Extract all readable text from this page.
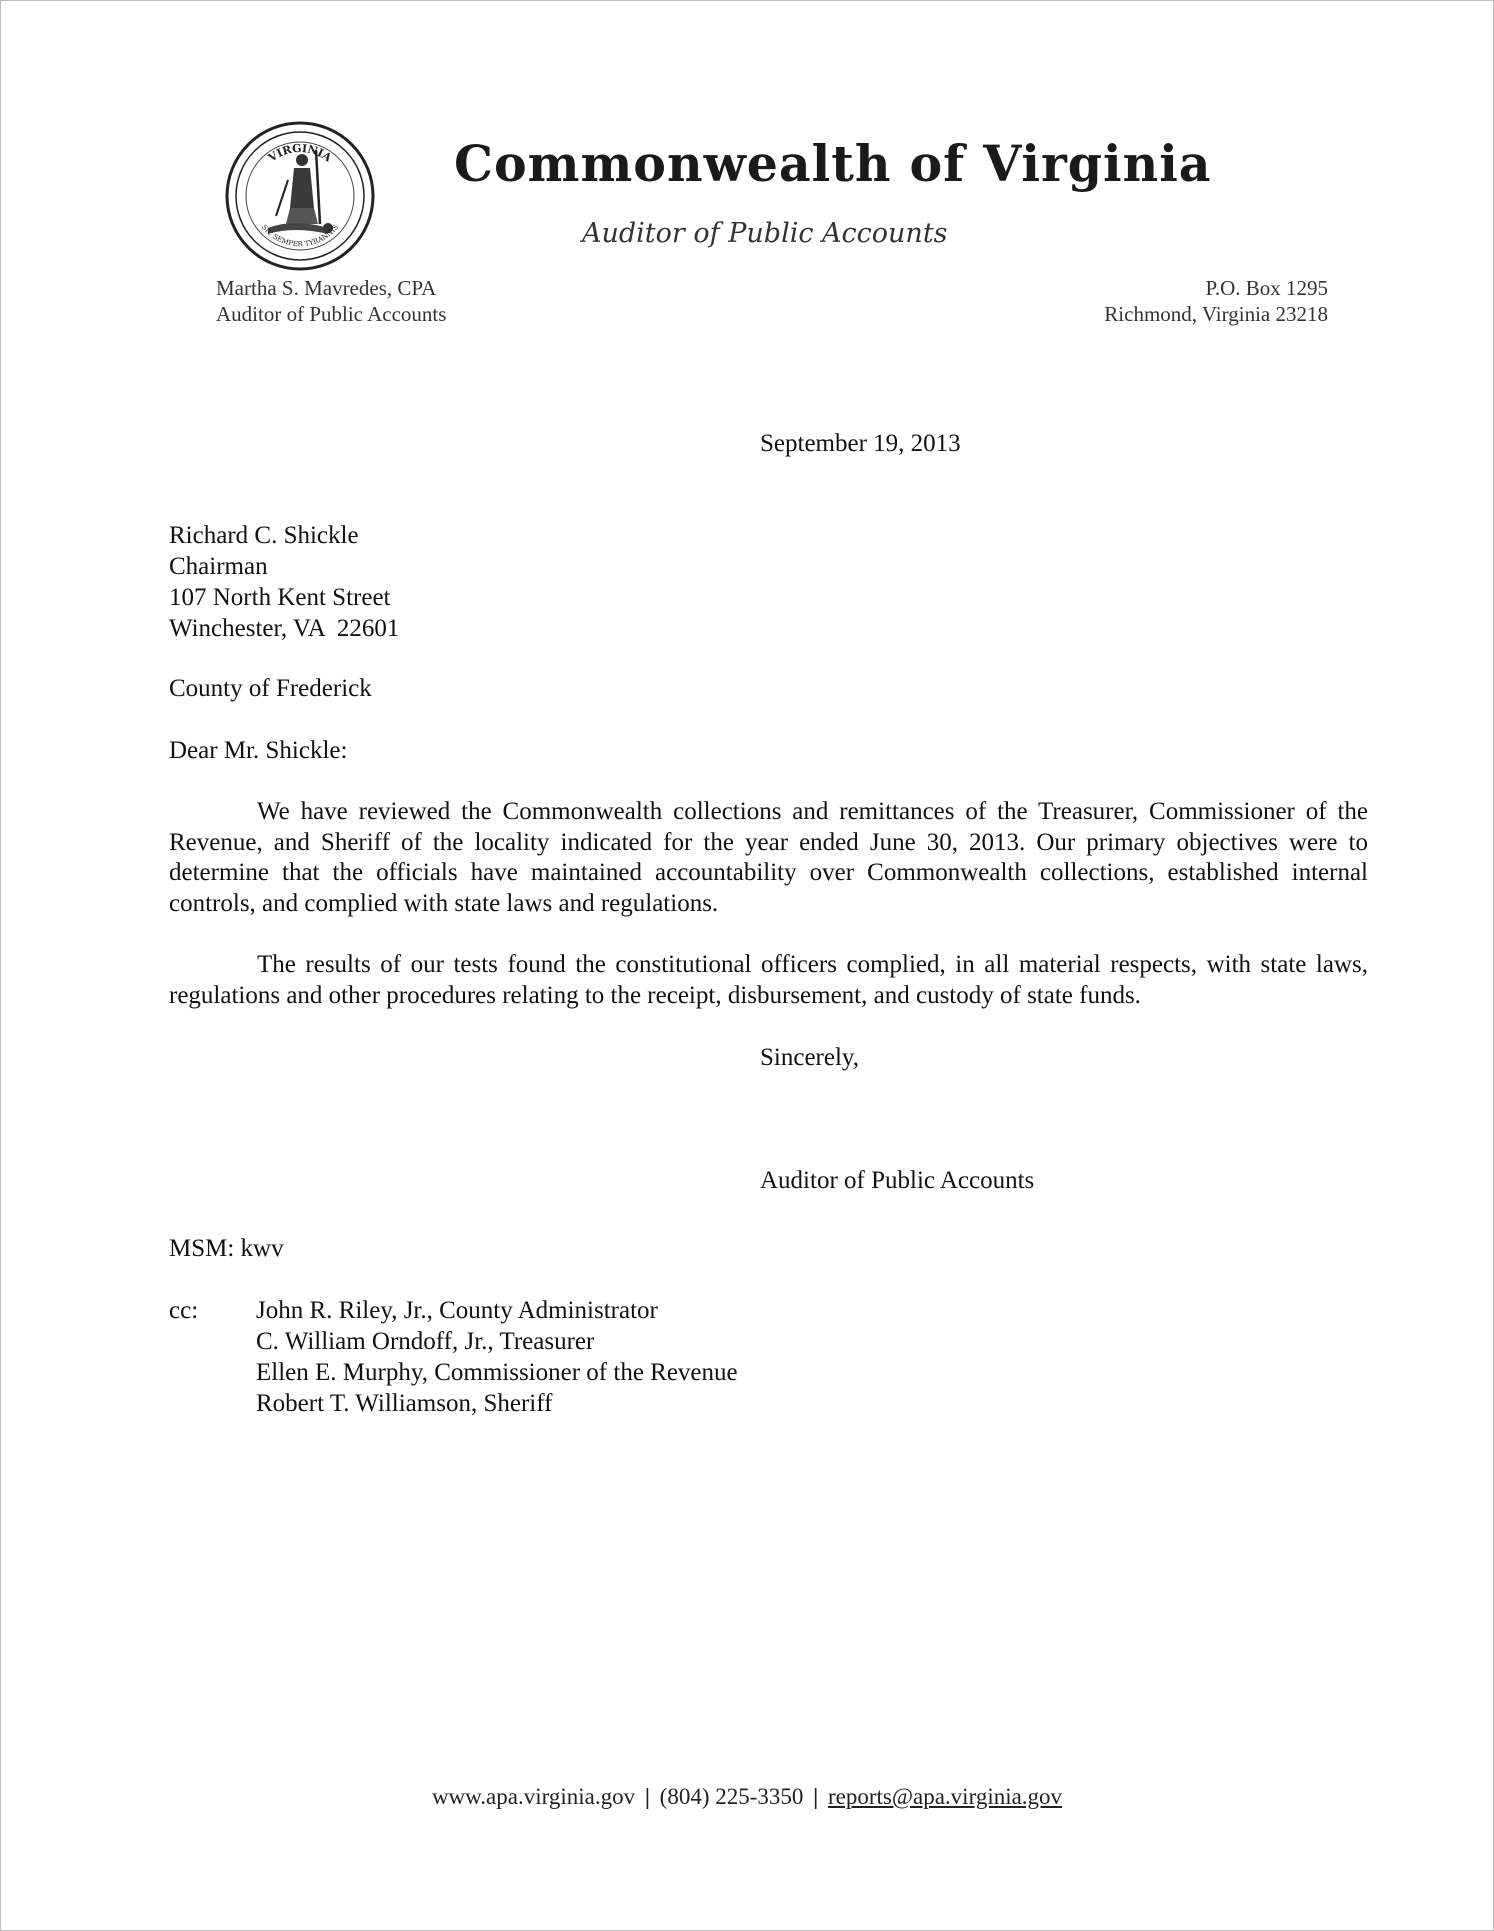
VIRGINIA
SIC SEMPER TYRANNIS
Commonwealth of Virginia
Auditor of Public Accounts
Martha S. Mavredes, CPA
Auditor of Public Accounts
P.O. Box 1295
Richmond, Virginia 23218
September 19, 2013
Richard C. Shickle
Chairman
107 North Kent Street
Winchester, VA  22601
County of Frederick
Dear Mr. Shickle:
We have reviewed the Commonwealth collections and remittances of the Treasurer, Commissioner of the Revenue, and Sheriff of the locality indicated for the year ended June 30, 2013. Our primary objectives were to determine that the officials have maintained accountability over Commonwealth collections, established internal controls, and complied with state laws and regulations.
The results of our tests found the constitutional officers complied, in all material respects, with state laws, regulations and other procedures relating to the receipt, disbursement, and custody of state funds.
Sincerely,
Auditor of Public Accounts
MSM: kwv
cc: John R. Riley, Jr., County Administrator
C. William Orndoff, Jr., Treasurer
Ellen E. Murphy, Commissioner of the Revenue
Robert T. Williamson, Sheriff
www.apa.virginia.gov | (804) 225-3350 | reports@apa.virginia.gov
